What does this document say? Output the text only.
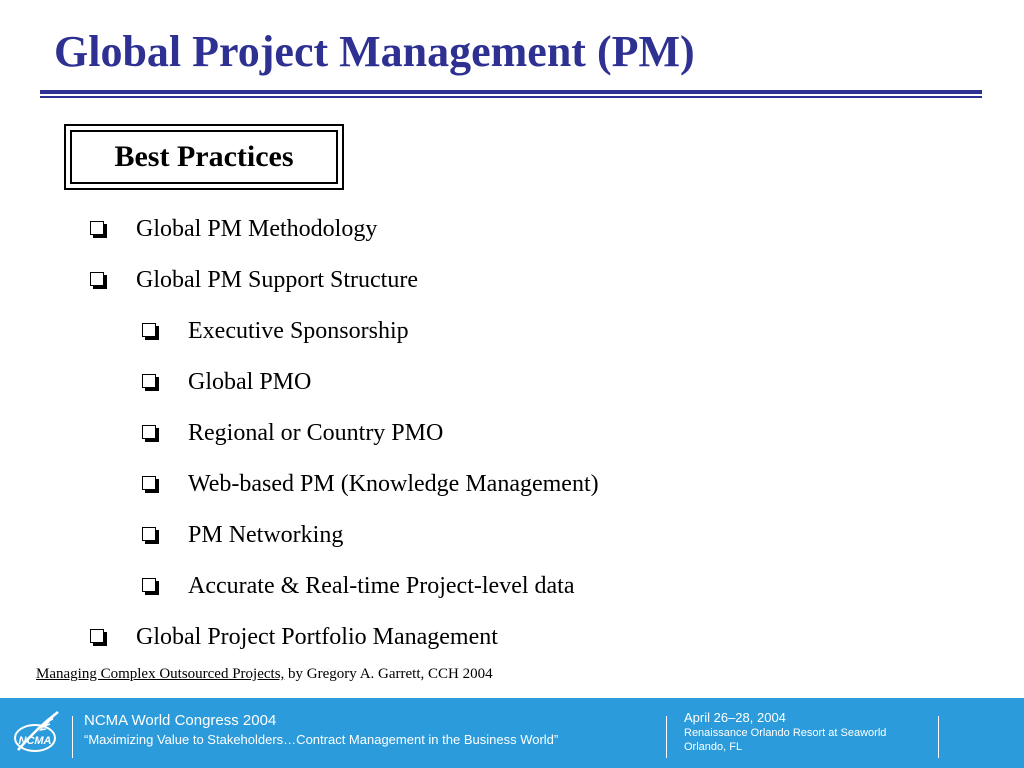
Global Project Management (PM)
Best Practices
Global PM Methodology
Global PM Support Structure
Executive Sponsorship
Global PMO
Regional or Country PMO
Web-based PM (Knowledge Management)
PM Networking
Accurate & Real-time Project-level data
Global Project Portfolio Management
Managing Complex Outsourced Projects, by Gregory A. Garrett, CCH 2004
NCMA
NCMA World Congress 2004
“Maximizing Value to Stakeholders…Contract Management in the Business World”
April 26–28, 2004
Renaissance Orlando Resort at Seaworld
Orlando, FL
